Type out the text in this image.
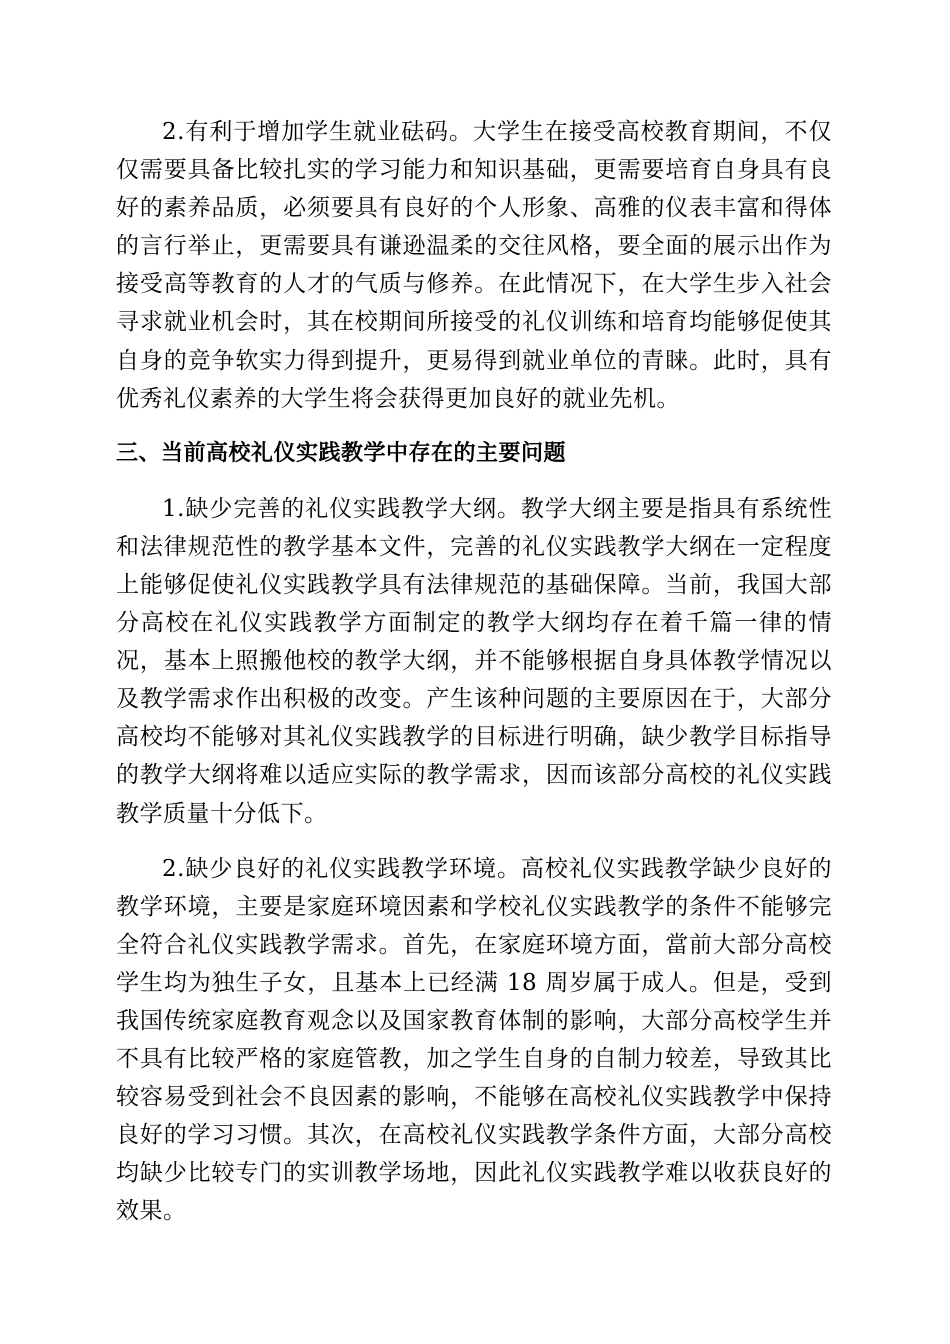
2.有利于增加学生就业砝码。大学生在接受高校教育期间，不仅仅需要具备比较扎实的学习能力和知识基础，更需要培育自身具有良好的素养品质，必须要具有良好的个人形象、高雅的仪表丰富和得体的言行举止，更需要具有谦逊温柔的交往风格，要全面的展示出作为接受高等教育的人才的气质与修养。在此情况下，在大学生步入社会寻求就业机会时，其在校期间所接受的礼仪训练和培育均能够促使其自身的竞争软实力得到提升，更易得到就业单位的青睐。此时，具有优秀礼仪素养的大学生将会获得更加良好的就业先机。

三、当前高校礼仪实践教学中存在的主要问题

1.缺少完善的礼仪实践教学大纲。教学大纲主要是指具有系统性和法律规范性的教学基本文件，完善的礼仪实践教学大纲在一定程度上能够促使礼仪实践教学具有法律规范的基础保障。当前，我国大部分高校在礼仪实践教学方面制定的教学大纲均存在着千篇一律的情况，基本上照搬他校的教学大纲，并不能够根据自身具体教学情况以及教学需求作出积极的改变。产生该种问题的主要原因在于，大部分高校均不能够对其礼仪实践教学的目标进行明确，缺少教学目标指导的教学大纲将难以适应实际的教学需求，因而该部分高校的礼仪实践教学质量十分低下。

2.缺少良好的礼仪实践教学环境。高校礼仪实践教学缺少良好的教学环境，主要是家庭环境因素和学校礼仪实践教学的条件不能够完全符合礼仪实践教学需求。首先，在家庭环境方面，當前大部分高校学生均为独生子女，且基本上已经满 18 周岁属于成人。但是，受到我国传统家庭教育观念以及国家教育体制的影响，大部分高校学生并不具有比较严格的家庭管教，加之学生自身的自制力较差，导致其比较容易受到社会不良因素的影响，不能够在高校礼仪实践教学中保持良好的学习习惯。其次，在高校礼仪实践教学条件方面，大部分高校均缺少比较专门的实训教学场地，因此礼仪实践教学难以收获良好的效果。
